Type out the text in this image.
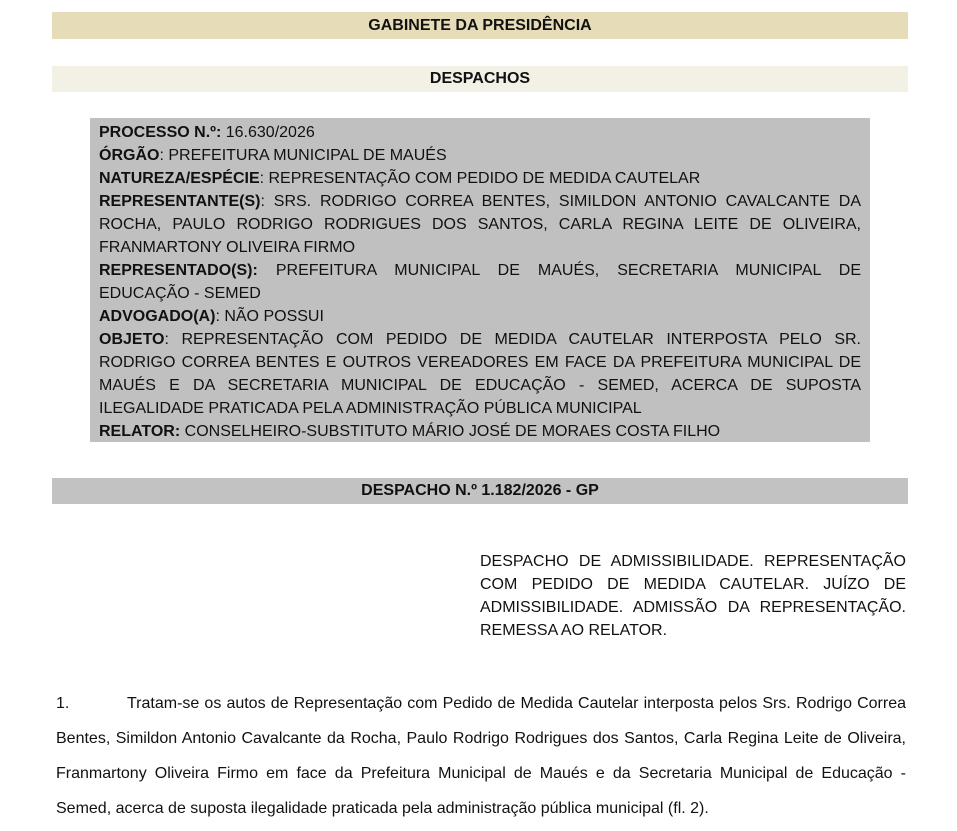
GABINETE DA PRESIDÊNCIA
DESPACHOS

PROCESSO N.º: 16.630/2026

ÓRGÃO: PREFEITURA MUNICIPAL DE MAUÉS

NATUREZA/ESPÉCIE: REPRESENTAÇÃO COM PEDIDO DE MEDIDA CAUTELAR

REPRESENTANTE(S): SRS. RODRIGO CORREA BENTES, SIMILDON ANTONIO CAVALCANTE DA ROCHA, PAULO RODRIGO RODRIGUES DOS SANTOS, CARLA REGINA LEITE DE OLIVEIRA, FRANMARTONY OLIVEIRA FIRMO

REPRESENTADO(S): PREFEITURA MUNICIPAL DE MAUÉS, SECRETARIA MUNICIPAL DE EDUCAÇÃO - SEMED

ADVOGADO(A): NÃO POSSUI

OBJETO: REPRESENTAÇÃO COM PEDIDO DE MEDIDA CAUTELAR INTERPOSTA PELO SR. RODRIGO CORREA BENTES E OUTROS VEREADORES EM FACE DA PREFEITURA MUNICIPAL DE MAUÉS E DA SECRETARIA MUNICIPAL DE EDUCAÇÃO - SEMED, ACERCA DE SUPOSTA ILEGALIDADE PRATICADA PELA ADMINISTRAÇÃO PÚBLICA MUNICIPAL

RELATOR: CONSELHEIRO-SUBSTITUTO MÁRIO JOSÉ DE MORAES COSTA FILHO

DESPACHO N.º 1.182/2026 - GP
DESPACHO DE ADMISSIBILIDADE. REPRESENTAÇÃO COM PEDIDO DE MEDIDA CAUTELAR. JUÍZO DE ADMISSIBILIDADE. ADMISSÃO DA REPRESENTAÇÃO. REMESSA AO RELATOR.

1.	Tratam-se os autos de Representação com Pedido de Medida Cautelar interposta pelos Srs. Rodrigo Correa Bentes, Simildon Antonio Cavalcante da Rocha, Paulo Rodrigo Rodrigues dos Santos, Carla Regina Leite de Oliveira, Franmartony Oliveira Firmo em face da Prefeitura Municipal de Maués e da Secretaria Municipal de Educação - Semed, acerca de suposta ilegalidade praticada pela administração pública municipal (fl. 2).
